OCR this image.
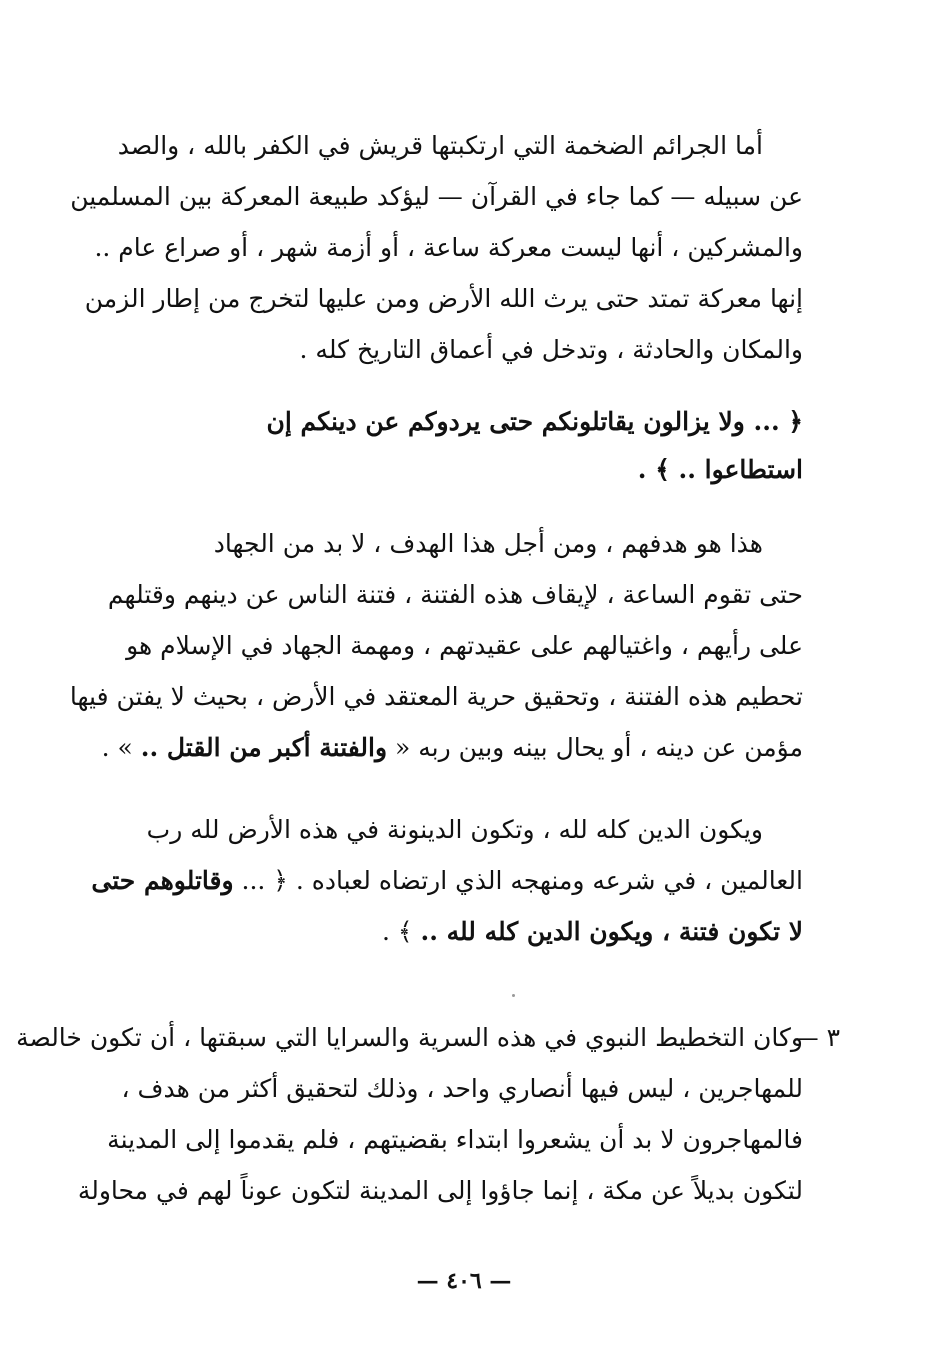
أما الجرائم الضخمة التي ارتكبتها قريش في الكفر بالله ، والصد
عن سبيله — كما جاء في القرآن — ليؤكد طبيعة المعركة بين المسلمين
والمشركين ، أنها ليست معركة ساعة ، أو أزمة شهر ، أو صراع عام ..
إنها معركة تمتد حتى يرث الله الأرض ومن عليها لتخرج من إطار الزمن
والمكان والحادثة ، وتدخل في أعماق التاريخ كله .
﴿ ... ولا يزالون يقاتلونكم حتى يردوكم عن دينكم إن
استطاعوا .. ﴾ .
هذا هو هدفهم ، ومن أجل هذا الهدف ، لا بد من الجهاد
حتى تقوم الساعة ، لإيقاف هذه الفتنة ، فتنة الناس عن دينهم وقتلهم
على رأيهم ، واغتيالهم على عقيدتهم ، ومهمة الجهاد في الإسلام هو
تحطيم هذه الفتنة ، وتحقيق حرية المعتقد في الأرض ، بحيث لا يفتن فيها
مؤمن عن دينه ، أو يحال بينه وبين ربه « والفتنة أكبر من القتل .. » .
ويكون الدين كله لله ، وتكون الدينونة في هذه الأرض لله رب
العالمين ، في شرعه ومنهجه الذي ارتضاه لعباده . ﴿ ... وقاتلوهم حتى
لا تكون فتنة ، ويكون الدين كله لله .. ﴾ .
٣ —
وكان التخطيط النبوي في هذه السرية والسرايا التي سبقتها ، أن تكون خالصة
للمهاجرين ، ليس فيها أنصاري واحد ، وذلك لتحقيق أكثر من هدف ،
فالمهاجرون لا بد أن يشعروا ابتداء بقضيتهم ، فلم يقدموا إلى المدينة
لتكون بديلاً عن مكة ، إنما جاؤوا إلى المدينة لتكون عوناً لهم في محاولة
— ٤٠٦ —
